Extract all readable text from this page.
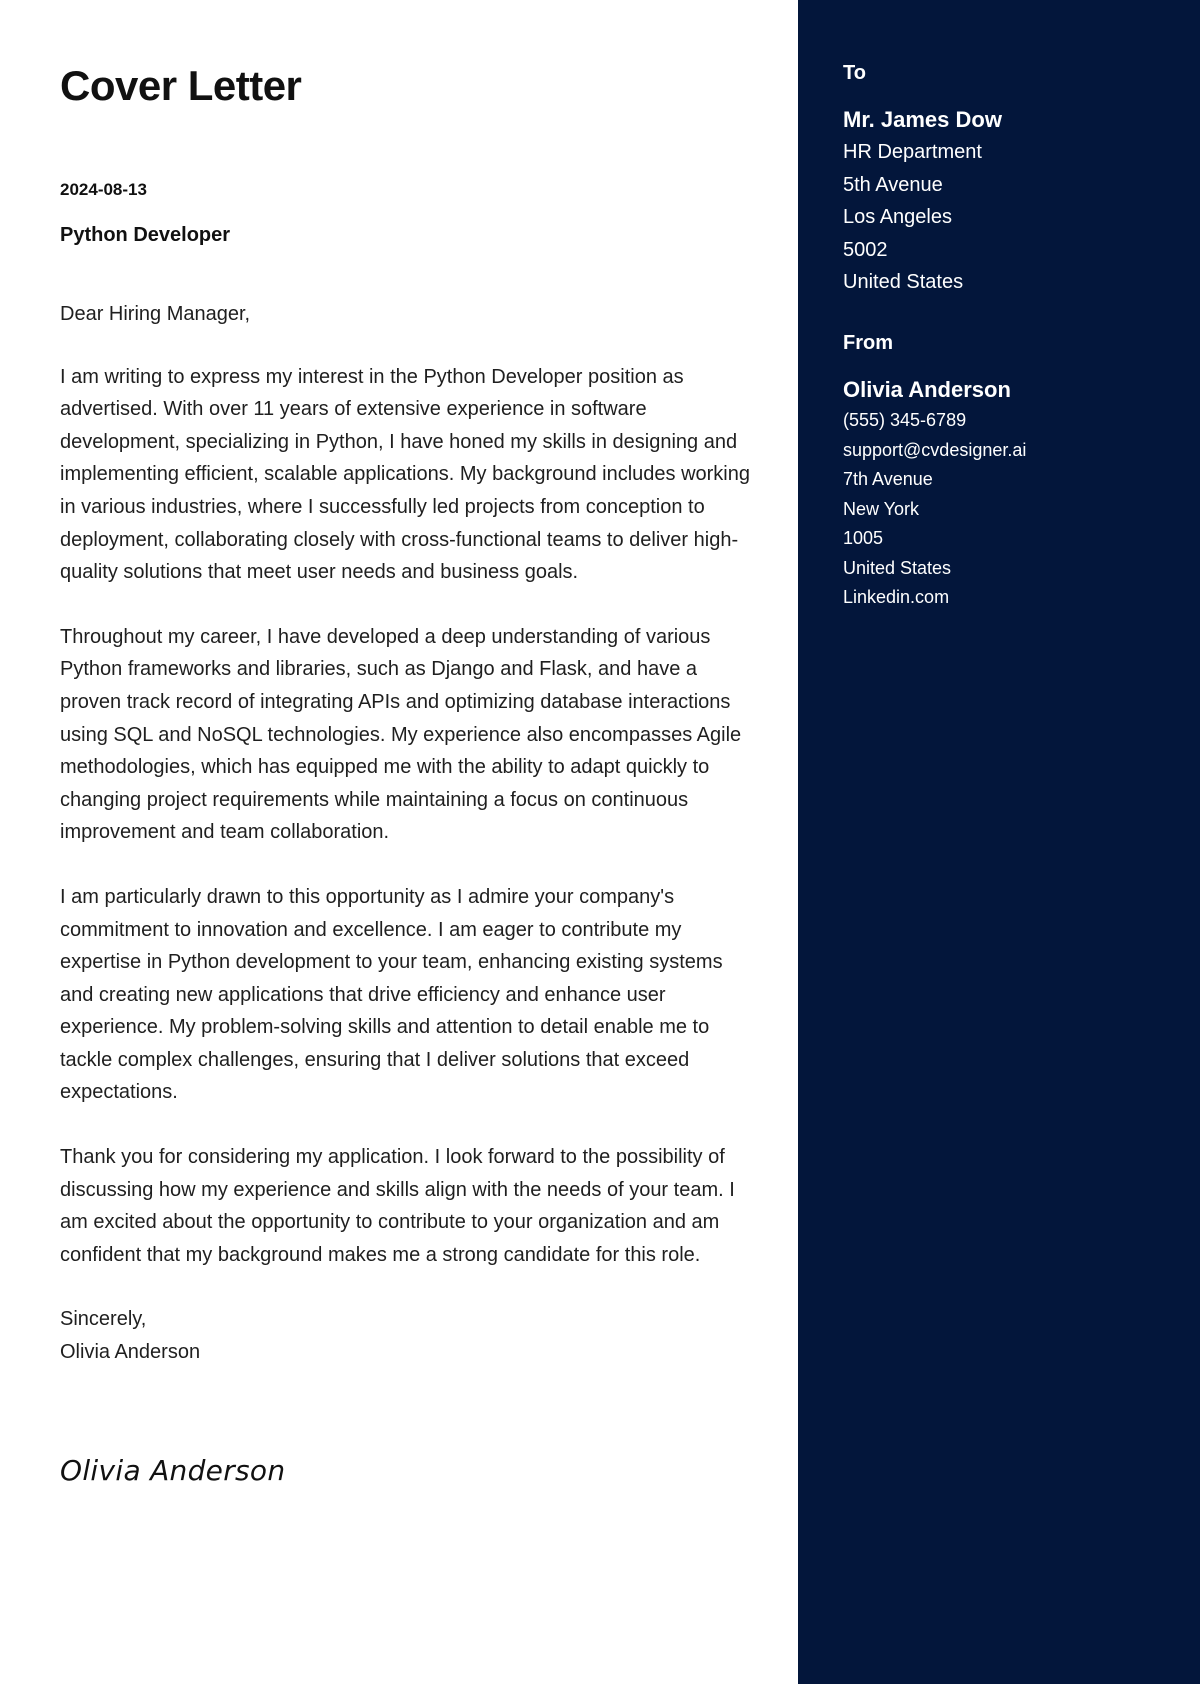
Cover Letter
2024-08-13
Python Developer

Dear Hiring Manager,

I am writing to express my interest in the Python Developer position as advertised. With over 11 years of extensive experience in software development, specializing in Python, I have honed my skills in designing and implementing efficient, scalable applications. My background includes working in various industries, where I successfully led projects from conception to deployment, collaborating closely with cross-functional teams to deliver high-quality solutions that meet user needs and business goals.

Throughout my career, I have developed a deep understanding of various Python frameworks and libraries, such as Django and Flask, and have a proven track record of integrating APIs and optimizing database interactions using SQL and NoSQL technologies. My experience also encompasses Agile methodologies, which has equipped me with the ability to adapt quickly to changing project requirements while maintaining a focus on continuous improvement and team collaboration.

I am particularly drawn to this opportunity as I admire your company's commitment to innovation and excellence. I am eager to contribute my expertise in Python development to your team, enhancing existing systems and creating new applications that drive efficiency and enhance user experience. My problem-solving skills and attention to detail enable me to tackle complex challenges, ensuring that I deliver solutions that exceed expectations.

Thank you for considering my application. I look forward to the possibility of discussing how my experience and skills align with the needs of your team. I am excited about the opportunity to contribute to your organization and am confident that my background makes me a strong candidate for this role.

Sincerely,
Olivia Anderson
Olivia Anderson
To
Mr. James Dow
HR Department
5th Avenue
Los Angeles
5002
United States
From
Olivia Anderson
(555) 345-6789
support@cvdesigner.ai
7th Avenue
New York
1005
United States
Linkedin.com
